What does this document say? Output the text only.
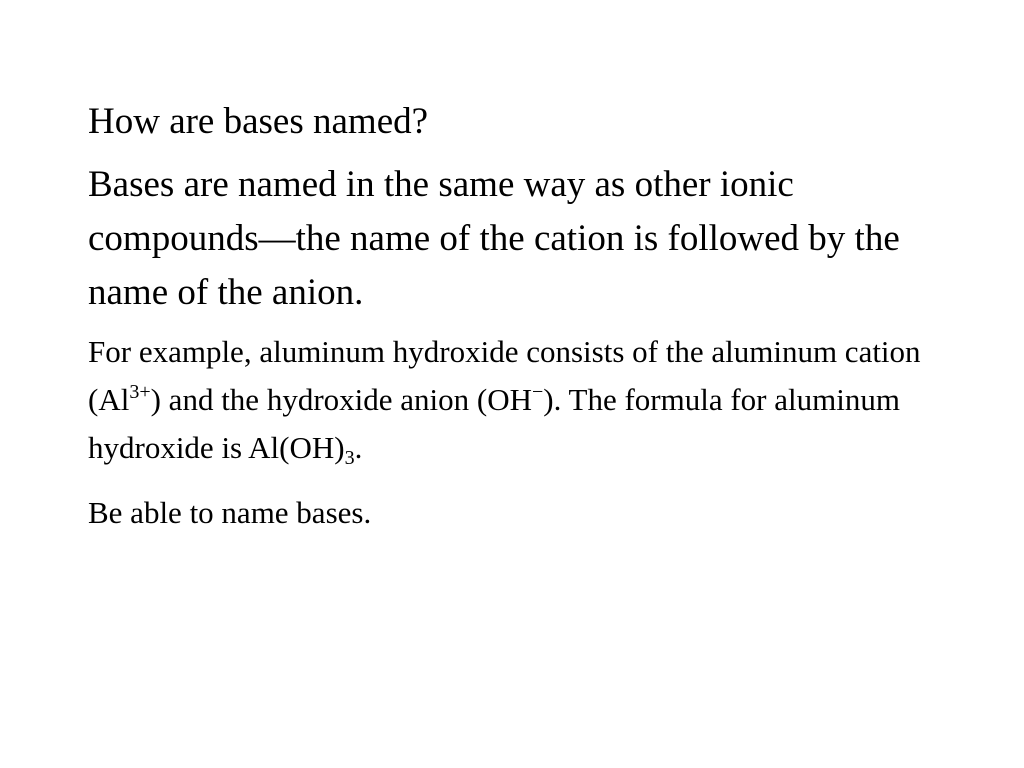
How are bases named?

Bases are named in the same way as other ionic compounds—the name of the cation is followed by the name of the anion.

For example, aluminum hydroxide consists of the aluminum cation $(Al^{3+})$ and the hydroxide anion (OH−). The formula for aluminum hydroxide is $Al(OH)_3$.

Be able to name bases.
